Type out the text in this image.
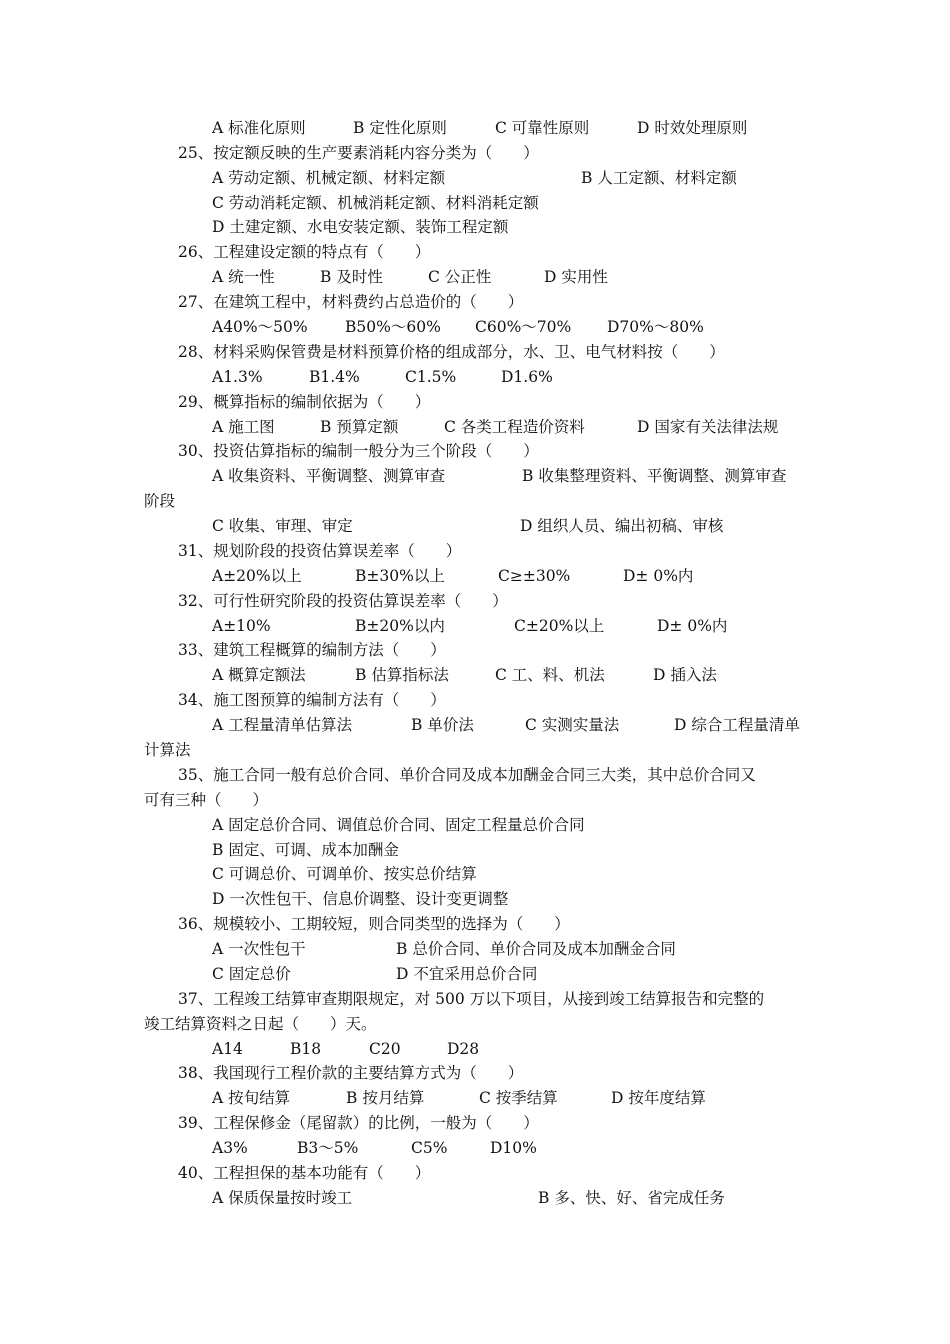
A 标准化原则	B 定性化原则	C 可靠性原则	D 时效处理原则
25、按定额反映的生产要素消耗内容分类为（　　）
A 劳动定额、机械定额、材料定额	B 人工定额、材料定额
C 劳动消耗定额、机械消耗定额、材料消耗定额
D 土建定额、水电安装定额、装饰工程定额
26、工程建设定额的特点有（　　）
A 统一性	B 及时性	C 公正性	D 实用性
27、在建筑工程中，材料费约占总造价的（　　）
A40%～50% B50%～60% C60%～70% D70%～80%
28、材料采购保管费是材料预算价格的组成部分，水、卫、电气材料按（　　）
A1.3%	B1.4%	C1.5%	D1.6%
29、概算指标的编制依据为（　　）
A 施工图	B 预算定额	C 各类工程造价资料	D 国家有关法律法规
30、投资估算指标的编制一般分为三个阶段（　　）
A 收集资料、平衡调整、测算审查	B 收集整理资料、平衡调整、测算审查
阶段
C 收集、审理、审定	D 组织人员、编出初稿、审核
31、规划阶段的投资估算误差率（　　）
A±20%以上	B±30%以上	C≥±30%	D± 0%内
32、可行性研究阶段的投资估算误差率（　　）
A±10%	B±20%以内	C±20%以上	D± 0%内
33、建筑工程概算的编制方法（　　）
A 概算定额法	B 估算指标法	C 工、料、机法	D 插入法
34、施工图预算的编制方法有（　　）
A 工程量清单估算法	B 单价法	C 实测实量法	D 综合工程量清单
计算法
35、施工合同一般有总价合同、单价合同及成本加酬金合同三大类，其中总价合同又
可有三种（　　）
A 固定总价合同、调值总价合同、固定工程量总价合同
B 固定、可调、成本加酬金
C 可调总价、可调单价、按实总价结算
D 一次性包干、信息价调整、设计变更调整
36、规模较小、工期较短，则合同类型的选择为（　　）
A 一次性包干	B 总价合同、单价合同及成本加酬金合同
C 固定总价	D 不宜采用总价合同
37、工程竣工结算审查期限规定，对 500 万以下项目，从接到竣工结算报告和完整的
竣工结算资料之日起（　　）天。
A14	B18	C20	D28
38、我国现行工程价款的主要结算方式为（　　）
A 按旬结算	B 按月结算	C 按季结算	D 按年度结算
39、工程保修金（尾留款）的比例，一般为（　　）
A3%	B3～5%	C5%	D10%
40、工程担保的基本功能有（　　）
A 保质保量按时竣工	B 多、快、好、省完成任务
